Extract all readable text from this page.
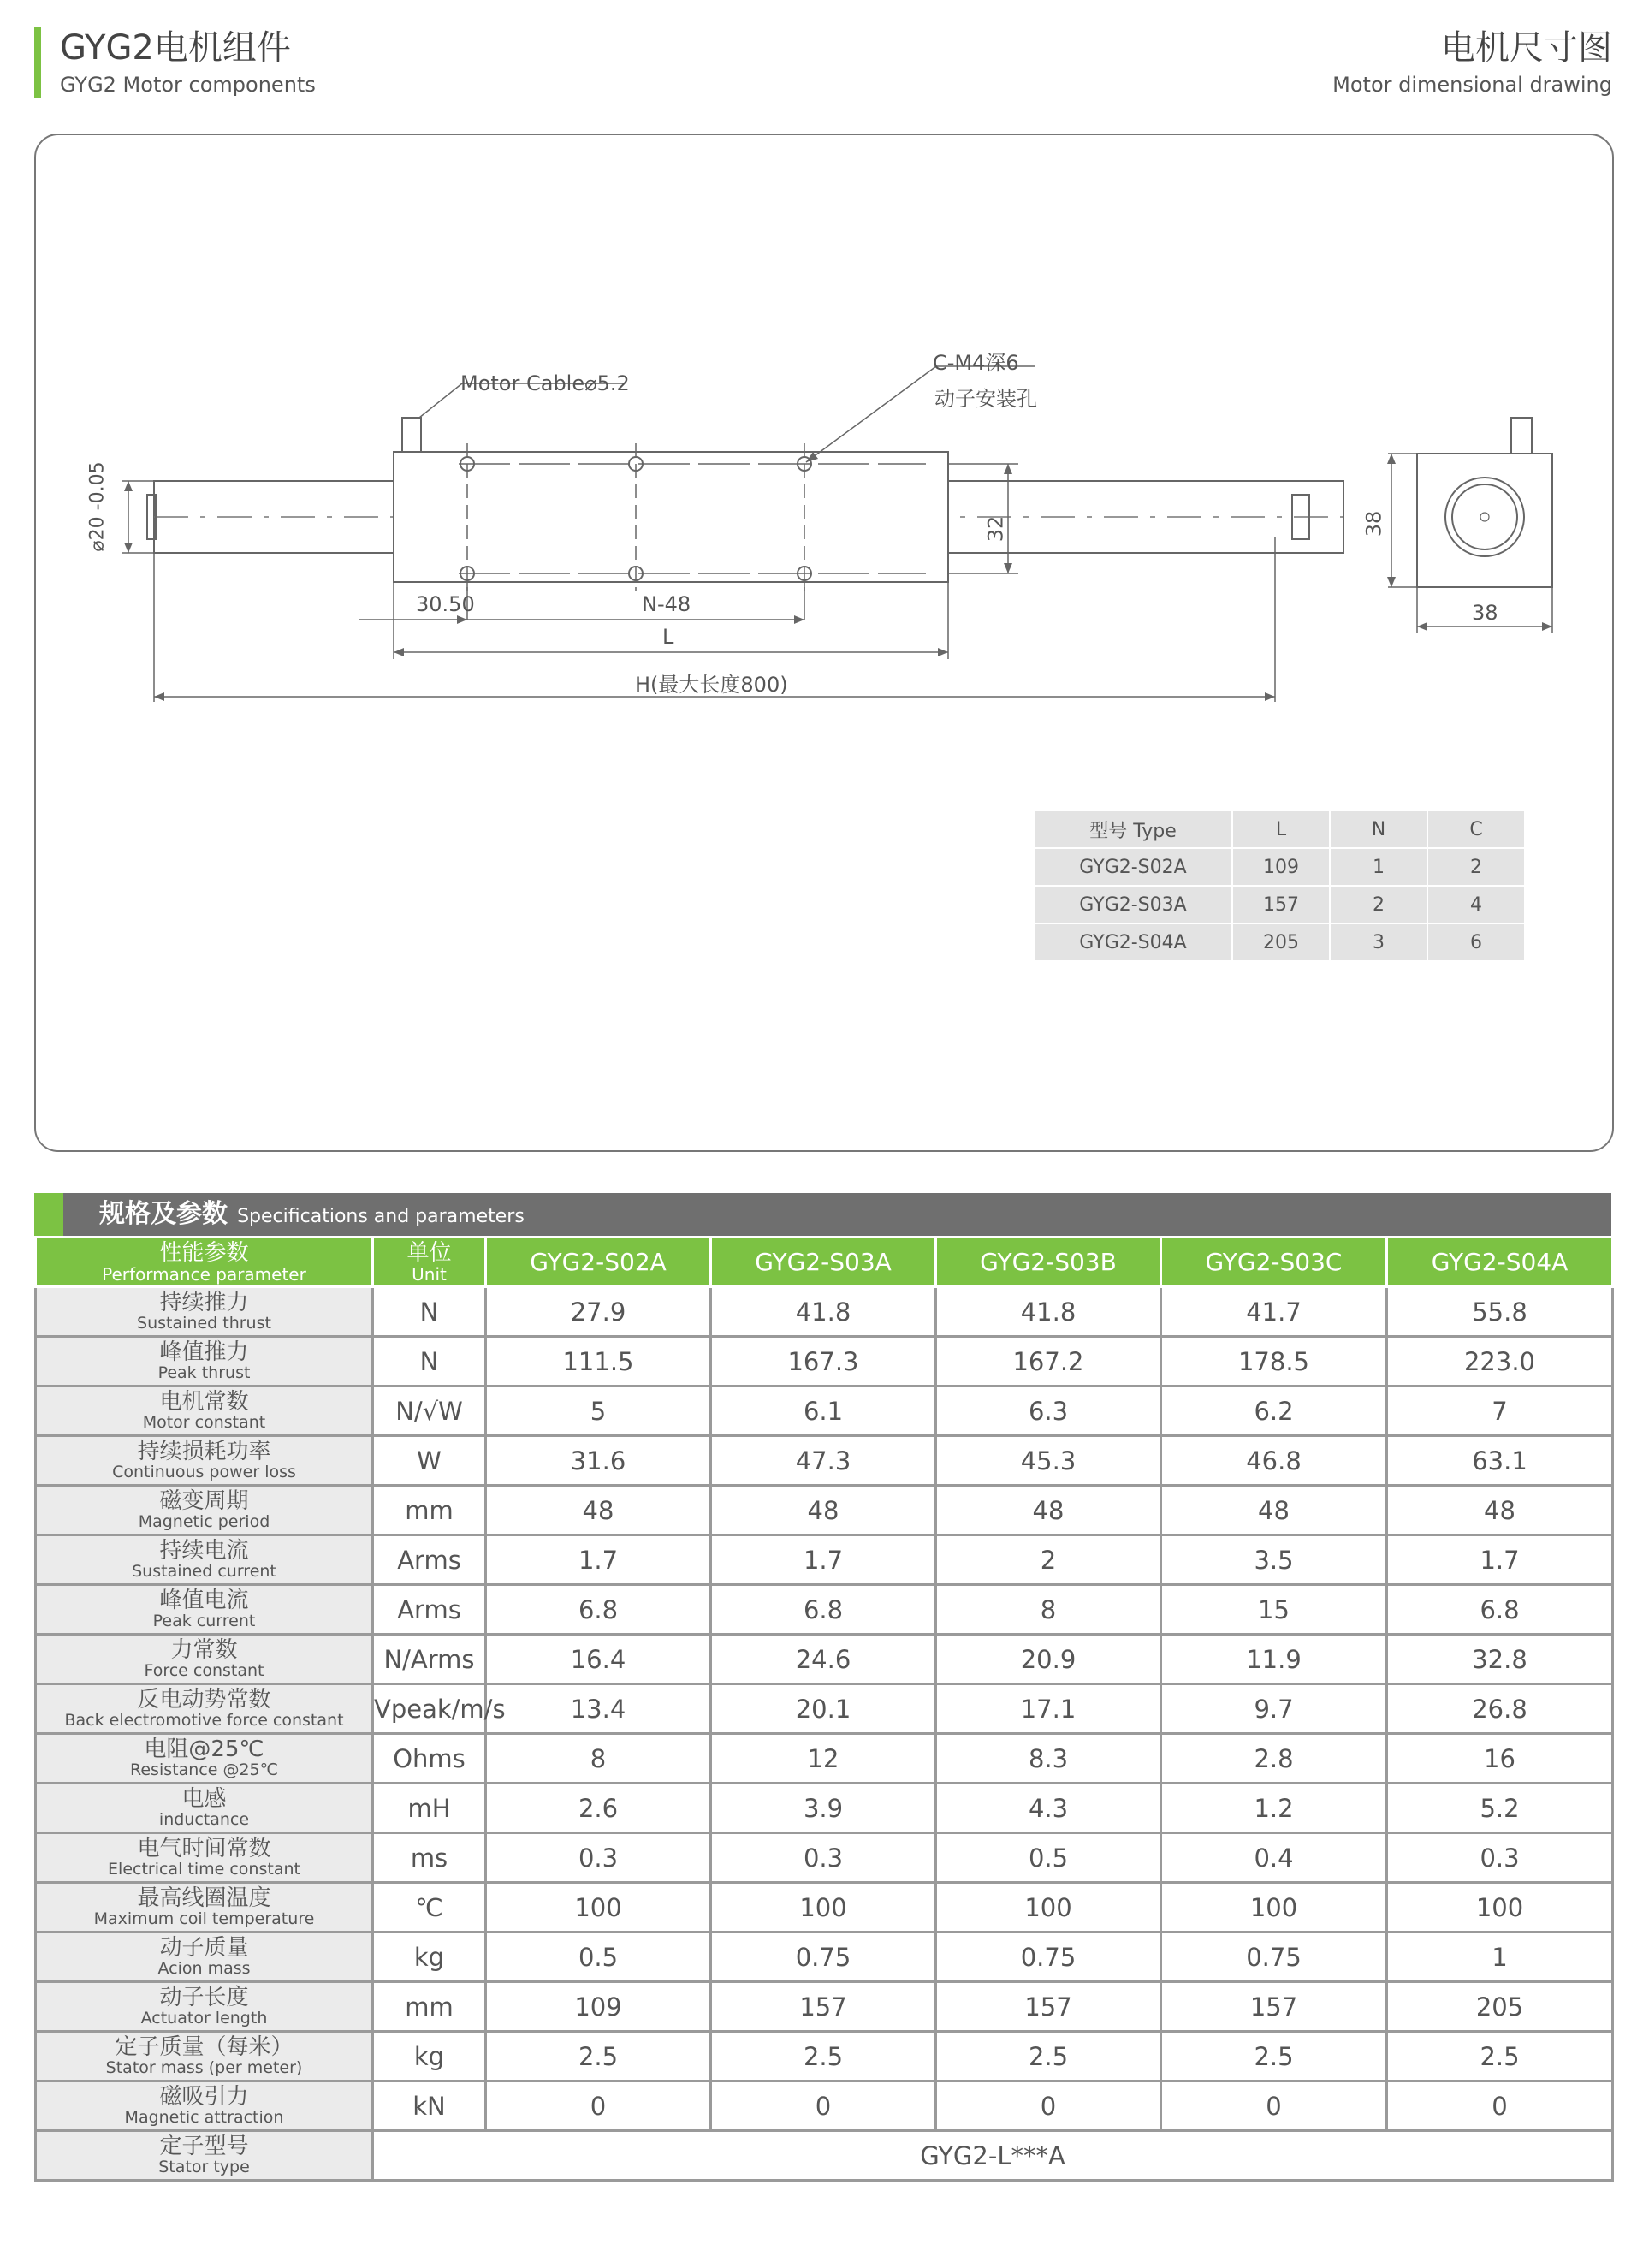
GYG2电机组件
GYG2 Motor components
电机尺寸图
Motor dimensional drawing
Motor Cable⌀5.2
C-M4深6
动子安装孔
⌀20 -0.05	32
30.50	N-48
L
H(最大长度800)
38
38
型号 Type	L	N	C
GYG2-S02A	109	1	2
GYG2-S03A	157	2	4
GYG2-S04A	205	3	6
规格及参数 Specifications and parameters
性能参数
Performance parameter	单位
Unit	GYG2-S02A	GYG2-S03A	GYG2-S03B	GYG2-S03C	GYG2-S04A

持续推力
Sustained thrust	N	27.9	41.8	41.8	41.7	55.8

峰值推力
Peak thrust	N	111.5	167.3	167.2	178.5	223.0

电机常数
Motor constant	N/√W	5	6.1	6.3	6.2	7

持续损耗功率
Continuous power loss	W	31.6	47.3	45.3	46.8	63.1

磁变周期
Magnetic period	mm	48	48	48	48	48

持续电流
Sustained current	Arms	1.7	1.7	2	3.5	1.7

峰值电流
Peak current	Arms	6.8	6.8	8	15	6.8

力常数
Force constant	N/Arms	16.4	24.6	20.9	11.9	32.8

反电动势常数
Back electromotive force constant	Vpeak/m/s	13.4	20.1	17.1	9.7	26.8

电阻@25℃
Resistance @25℃	Ohms	8	12	8.3	2.8	16

电感
inductance	mH	2.6	3.9	4.3	1.2	5.2

电气时间常数
Electrical time constant	ms	0.3	0.3	0.5	0.4	0.3

最高线圈温度
Maximum coil temperature	℃	100	100	100	100	100

动子质量
Acion mass	kg	0.5	0.75	0.75	0.75	1

动子长度
Actuator length	mm	109	157	157	157	205

定子质量（每米）
Stator mass (per meter)	kg	2.5	2.5	2.5	2.5	2.5

磁吸引力
Magnetic attraction	kN	0	0	0	0	0

定子型号
Stator type	GYG2-L***A					
